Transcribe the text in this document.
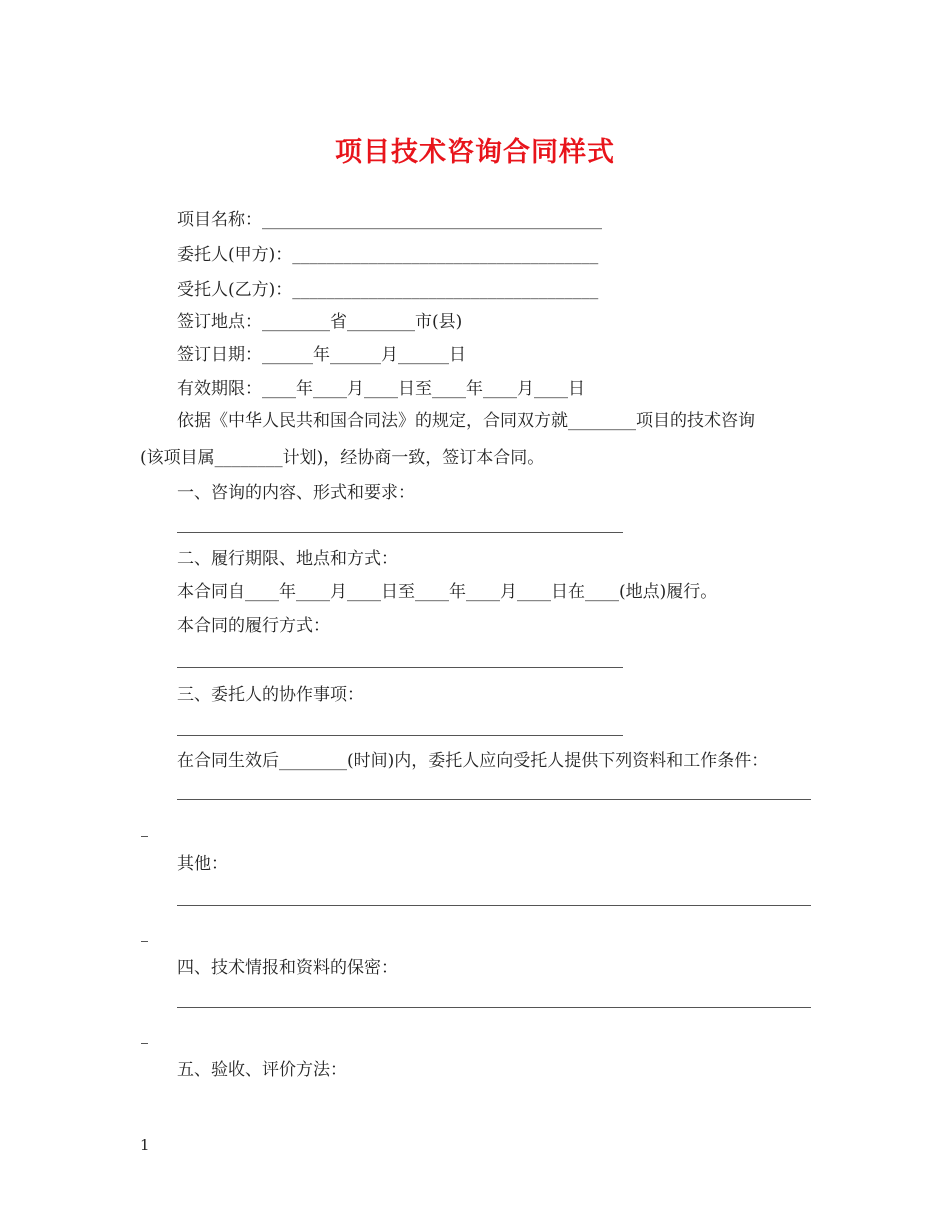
项目技术咨询合同样式
项目名称：________________________________________
委托人(甲方)：____________________________________
受托人(乙方)：____________________________________
签订地点：________省________市(县)
签订日期：______年______月______日
有效期限：____年____月____日至____年____月____日
依据《中华人民共和国合同法》的规定，合同双方就________项目的技术咨询
(该项目属________计划)，经协商一致，签订本合同。
一、咨询的内容、形式和要求：
二、履行期限、地点和方式：
本合同自____年____月____日至____年____月____日在____(地点)履行。
本合同的履行方式：
三、委托人的协作事项：
在合同生效后________(时间)内，委托人应向受托人提供下列资料和工作条件：
其他：
四、技术情报和资料的保密：
五、验收、评价方法：
1
